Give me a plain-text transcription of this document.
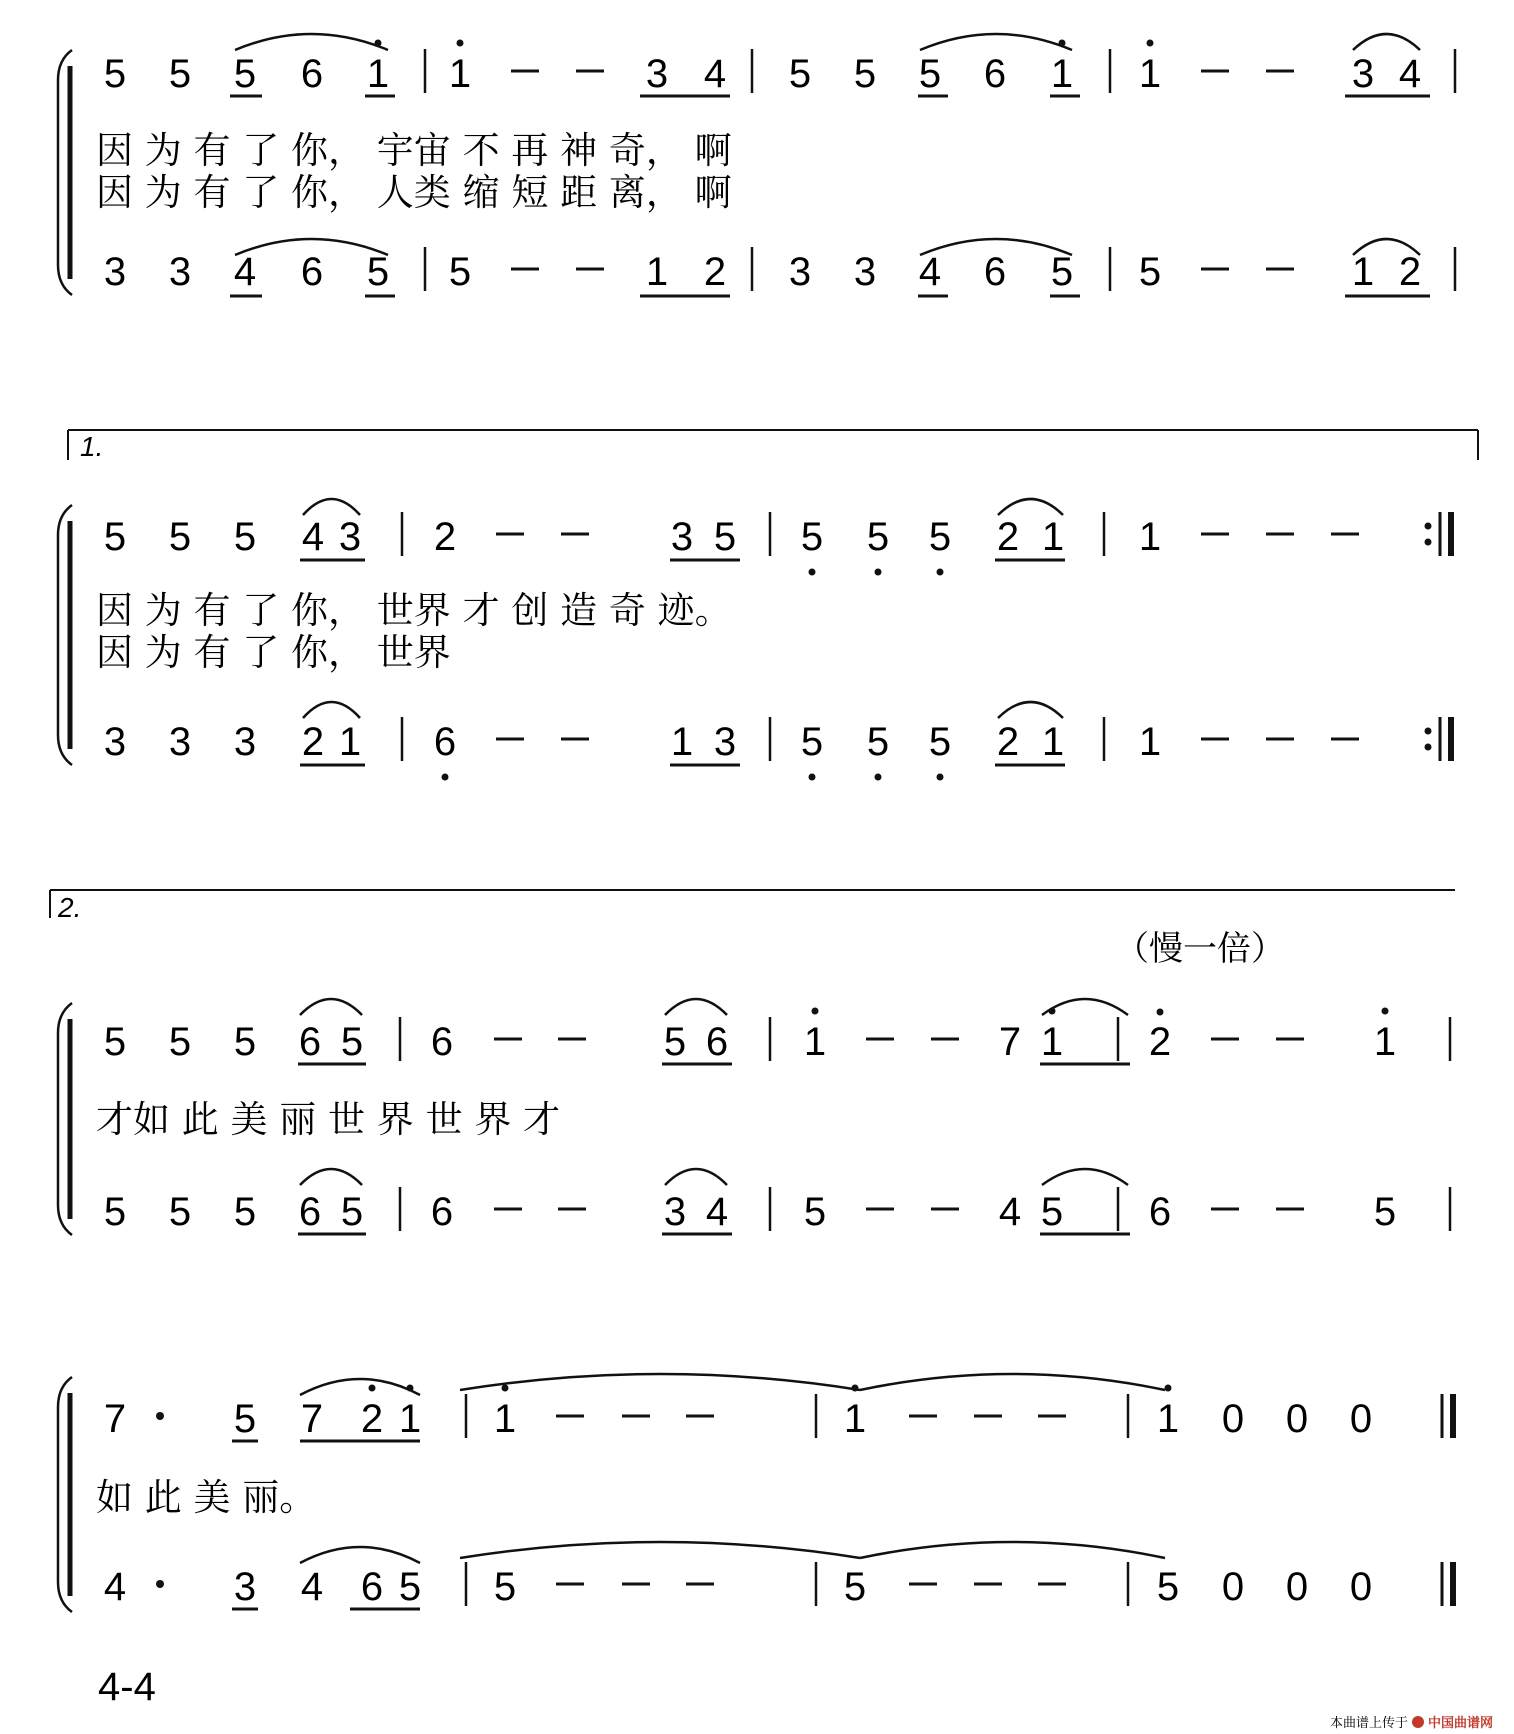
5 5 5 6 1 1	3 4 5 5 5 6 1 1	3 4
3 3 4 6 5 5	1 2 3 3 4 6 5 5	1 2
因 为 有 了 你， 宇宙 不 再 神 奇， 啊
因 为 有 了 你， 人类 缩 短 距 离， 啊
5 5 5 4 3 2	3 5 5 5 5 2 1 1
3 3 3 2 1 6	1 3 5 5 5 2 1 1
因 为 有 了 你， 世界 才 创 造 奇 迹。
因 为 有 了 你， 世界
5 5 5 6 5 6	5 6 1	7 1 2	1
5 5 5 6 5 6	3 4 5	4 5 6	5
才如 此 美 丽 世 界 世 界 才
7	5 7 2 1 1	1	1 0 0 0
4	3 4 6 5 5	5	5 0 0 0
如 此 美 丽。
1.
2.
（慢一倍）
4-4
本曲谱上传于 中国曲谱网
